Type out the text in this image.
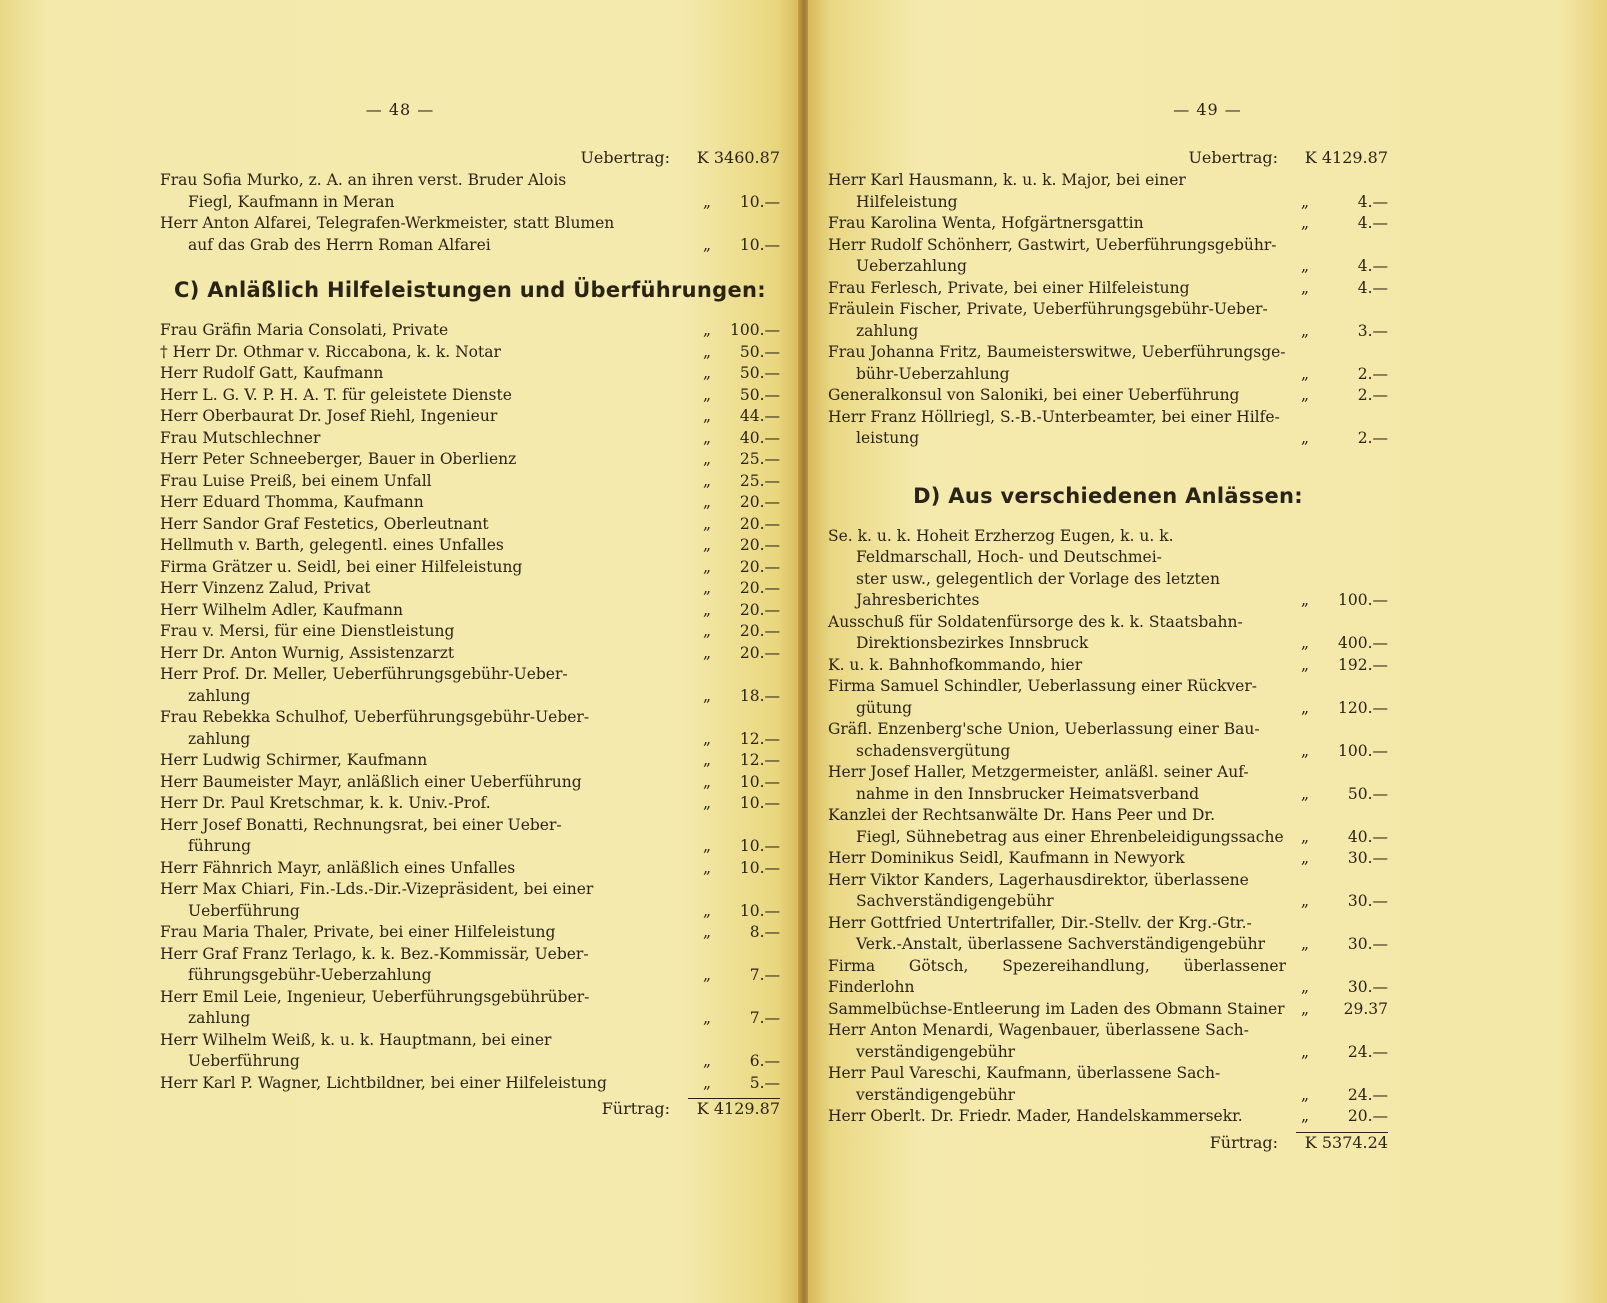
— 48 —
Uebertrag:	K 3460.87
Frau Sofia Murko, z. A. an ihren verst. Bruder Alois
Fiegl, Kaufmann in Meran	„	10.—
Herr Anton Alfarei, Telegrafen-Werkmeister, statt Blumen
auf das Grab des Herrn Roman Alfarei	„	10.—
C) Anläßlich Hilfeleistungen und Überführungen:
Frau Gräfin Maria Consolati, Private	„	100.—
† Herr Dr. Othmar v. Riccabona, k. k. Notar	„	50.—
Herr Rudolf Gatt, Kaufmann	„	50.—
Herr L. G. V. P. H. A. T. für geleistete Dienste	„	50.—
Herr Oberbaurat Dr. Josef Riehl, Ingenieur	„	44.—
Frau Mutschlechner	„	40.—
Herr Peter Schneeberger, Bauer in Oberlienz	„	25.—
Frau Luise Preiß, bei einem Unfall	„	25.—
Herr Eduard Thomma, Kaufmann	„	20.—
Herr Sandor Graf Festetics, Oberleutnant	„	20.—
Hellmuth v. Barth, gelegentl. eines Unfalles	„	20.—
Firma Grätzer u. Seidl, bei einer Hilfeleistung	„	20.—
Herr Vinzenz Zalud, Privat	„	20.—
Herr Wilhelm Adler, Kaufmann	„	20.—
Frau v. Mersi, für eine Dienstleistung	„	20.—
Herr Dr. Anton Wurnig, Assistenzarzt	„	20.—
Herr Prof. Dr. Meller, Ueberführungsgebühr-Ueber-
zahlung	„	18.—
Frau Rebekka Schulhof, Ueberführungsgebühr-Ueber-
zahlung	„	12.—
Herr Ludwig Schirmer, Kaufmann	„	12.—
Herr Baumeister Mayr, anläßlich einer Ueberführung	„	10.—
Herr Dr. Paul Kretschmar, k. k. Univ.-Prof.	„	10.—
Herr Josef Bonatti, Rechnungsrat, bei einer Ueber-
führung	„	10.—
Herr Fähnrich Mayr, anläßlich eines Unfalles	„	10.—
Herr Max Chiari, Fin.-Lds.-Dir.-Vizepräsident, bei einer
Ueberführung	„	10.—
Frau Maria Thaler, Private, bei einer Hilfeleistung	„	8.—
Herr Graf Franz Terlago, k. k. Bez.-Kommissär, Ueber-
führungsgebühr-Ueberzahlung	„	7.—
Herr Emil Leie, Ingenieur, Ueberführungsgebührüber-
zahlung	„	7.—
Herr Wilhelm Weiß, k. u. k. Hauptmann, bei einer
Ueberführung	„	6.—
Herr Karl P. Wagner, Lichtbildner, bei einer Hilfeleistung	„	5.—
Fürtrag:	K 4129.87
— 49 —
Uebertrag:	K 4129.87
Herr Karl Hausmann, k. u. k. Major, bei einer
Hilfeleistung	„	4.—
Frau Karolina Wenta, Hofgärtnersgattin	„	4.—
Herr Rudolf Schönherr, Gastwirt, Ueberführungsgebühr-
Ueberzahlung	„	4.—
Frau Ferlesch, Private, bei einer Hilfeleistung	„	4.—
Fräulein Fischer, Private, Ueberführungsgebühr-Ueber-
zahlung	„	3.—
Frau Johanna Fritz, Baumeisterswitwe, Ueberführungsge-
bühr-Ueberzahlung	„	2.—
Generalkonsul von Saloniki, bei einer Ueberführung	„	2.—
Herr Franz Höllriegl, S.-B.-Unterbeamter, bei einer Hilfe-
leistung	„	2.—
D) Aus verschiedenen Anlässen:
Se. k. u. k. Hoheit Erzherzog Eugen, k. u. k.
Feldmarschall, Hoch- und Deutschmei-
ster usw., gelegentlich der Vorlage des letzten
Jahresberichtes	„	100.—
Ausschuß für Soldatenfürsorge des k. k. Staatsbahn-
Direktionsbezirkes Innsbruck	„	400.—
K. u. k. Bahnhofkommando, hier	„	192.—
Firma Samuel Schindler, Ueberlassung einer Rückver-
gütung	„	120.—
Gräfl. Enzenberg'sche Union, Ueberlassung einer Bau-
schadensvergütung	„	100.—
Herr Josef Haller, Metzgermeister, anläßl. seiner Auf-
nahme in den Innsbrucker Heimatsverband	„	50.—
Kanzlei der Rechtsanwälte Dr. Hans Peer und Dr.
Fiegl, Sühnebetrag aus einer Ehrenbeleidigungssache	„	40.—
Herr Dominikus Seidl, Kaufmann in Newyork	„	30.—
Herr Viktor Kanders, Lagerhausdirektor, überlassene
Sachverständigengebühr	„	30.—
Herr Gottfried Untertrifaller, Dir.-Stellv. der Krg.-Gtr.-
Verk.-Anstalt, überlassene Sachverständigengebühr	„	30.—
Firma Götsch, Spezereihandlung, überlassener Finderlohn	„	30.—
Sammelbüchse-Entleerung im Laden des Obmann Stainer	„	29.37
Herr Anton Menardi, Wagenbauer, überlassene Sach-
verständigengebühr	„	24.—
Herr Paul Vareschi, Kaufmann, überlassene Sach-
verständigengebühr	„	24.—
Herr Oberlt. Dr. Friedr. Mader, Handelskammersekr.	„	20.—
Fürtrag:	K 5374.24
